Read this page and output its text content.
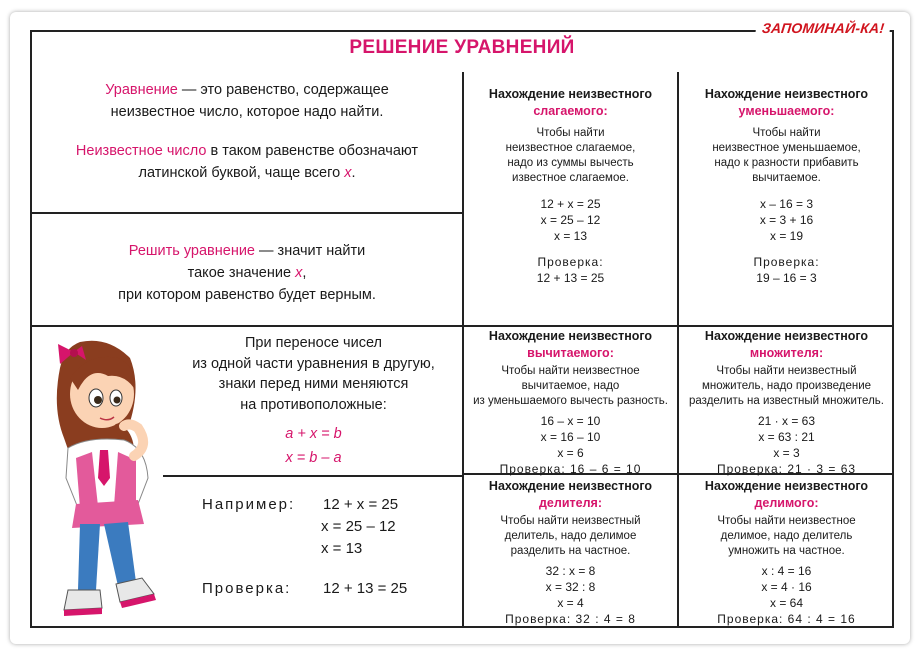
ЗАПОМИНАЙ-КА!
РЕШЕНИЕ УРАВНЕНИЙ
Уравнение — это равенство, содержащее
неизвестное число, которое надо найти.
Неизвестное число в таком равенстве обозначают
латинской буквой, чаще всего x.
Решить уравнение — значит найти
такое значение x,
при котором равенство будет верным.
При переносе чисел
из одной части уравнения в другую,
знаки перед ними меняются
на противоположные:
a + x = b
x = b – a
Например: 12 + x = 25
x = 25 – 12
x = 13
Проверка: 12 + 13 = 25
Нахождение неизвестного
слагаемого:
Чтобы найти
неизвестное слагаемое,
надо из суммы вычесть
известное слагаемое.
12 + x = 25
x = 25 – 12
x = 13
Проверка:
12 + 13 = 25
Нахождение неизвестного
уменьшаемого:
Чтобы найти
неизвестное уменьшаемое,
надо к разности прибавить
вычитаемое.
x – 16 = 3
x = 3 + 16
x = 19
Проверка:
19 – 16 = 3
Нахождение неизвестного
вычитаемого:
Чтобы найти неизвестное
вычитаемое, надо
из уменьшаемого вычесть разность.
16 – x = 10
x = 16 – 10
x = 6
Проверка: 16 – 6 = 10
Нахождение неизвестного
множителя:
Чтобы найти неизвестный
множитель, надо произведение
разделить на известный множитель.
21 · x = 63
x = 63 : 21
x = 3
Проверка: 21 · 3 = 63
Нахождение неизвестного
делителя:
Чтобы найти неизвестный
делитель, надо делимое
разделить на частное.
32 : x = 8
x = 32 : 8
x = 4
Проверка: 32 : 4 = 8
Нахождение неизвестного
делимого:
Чтобы найти неизвестное
делимое, надо делитель
умножить на частное.
x : 4 = 16
x = 4 · 16
x = 64
Проверка: 64 : 4 = 16
